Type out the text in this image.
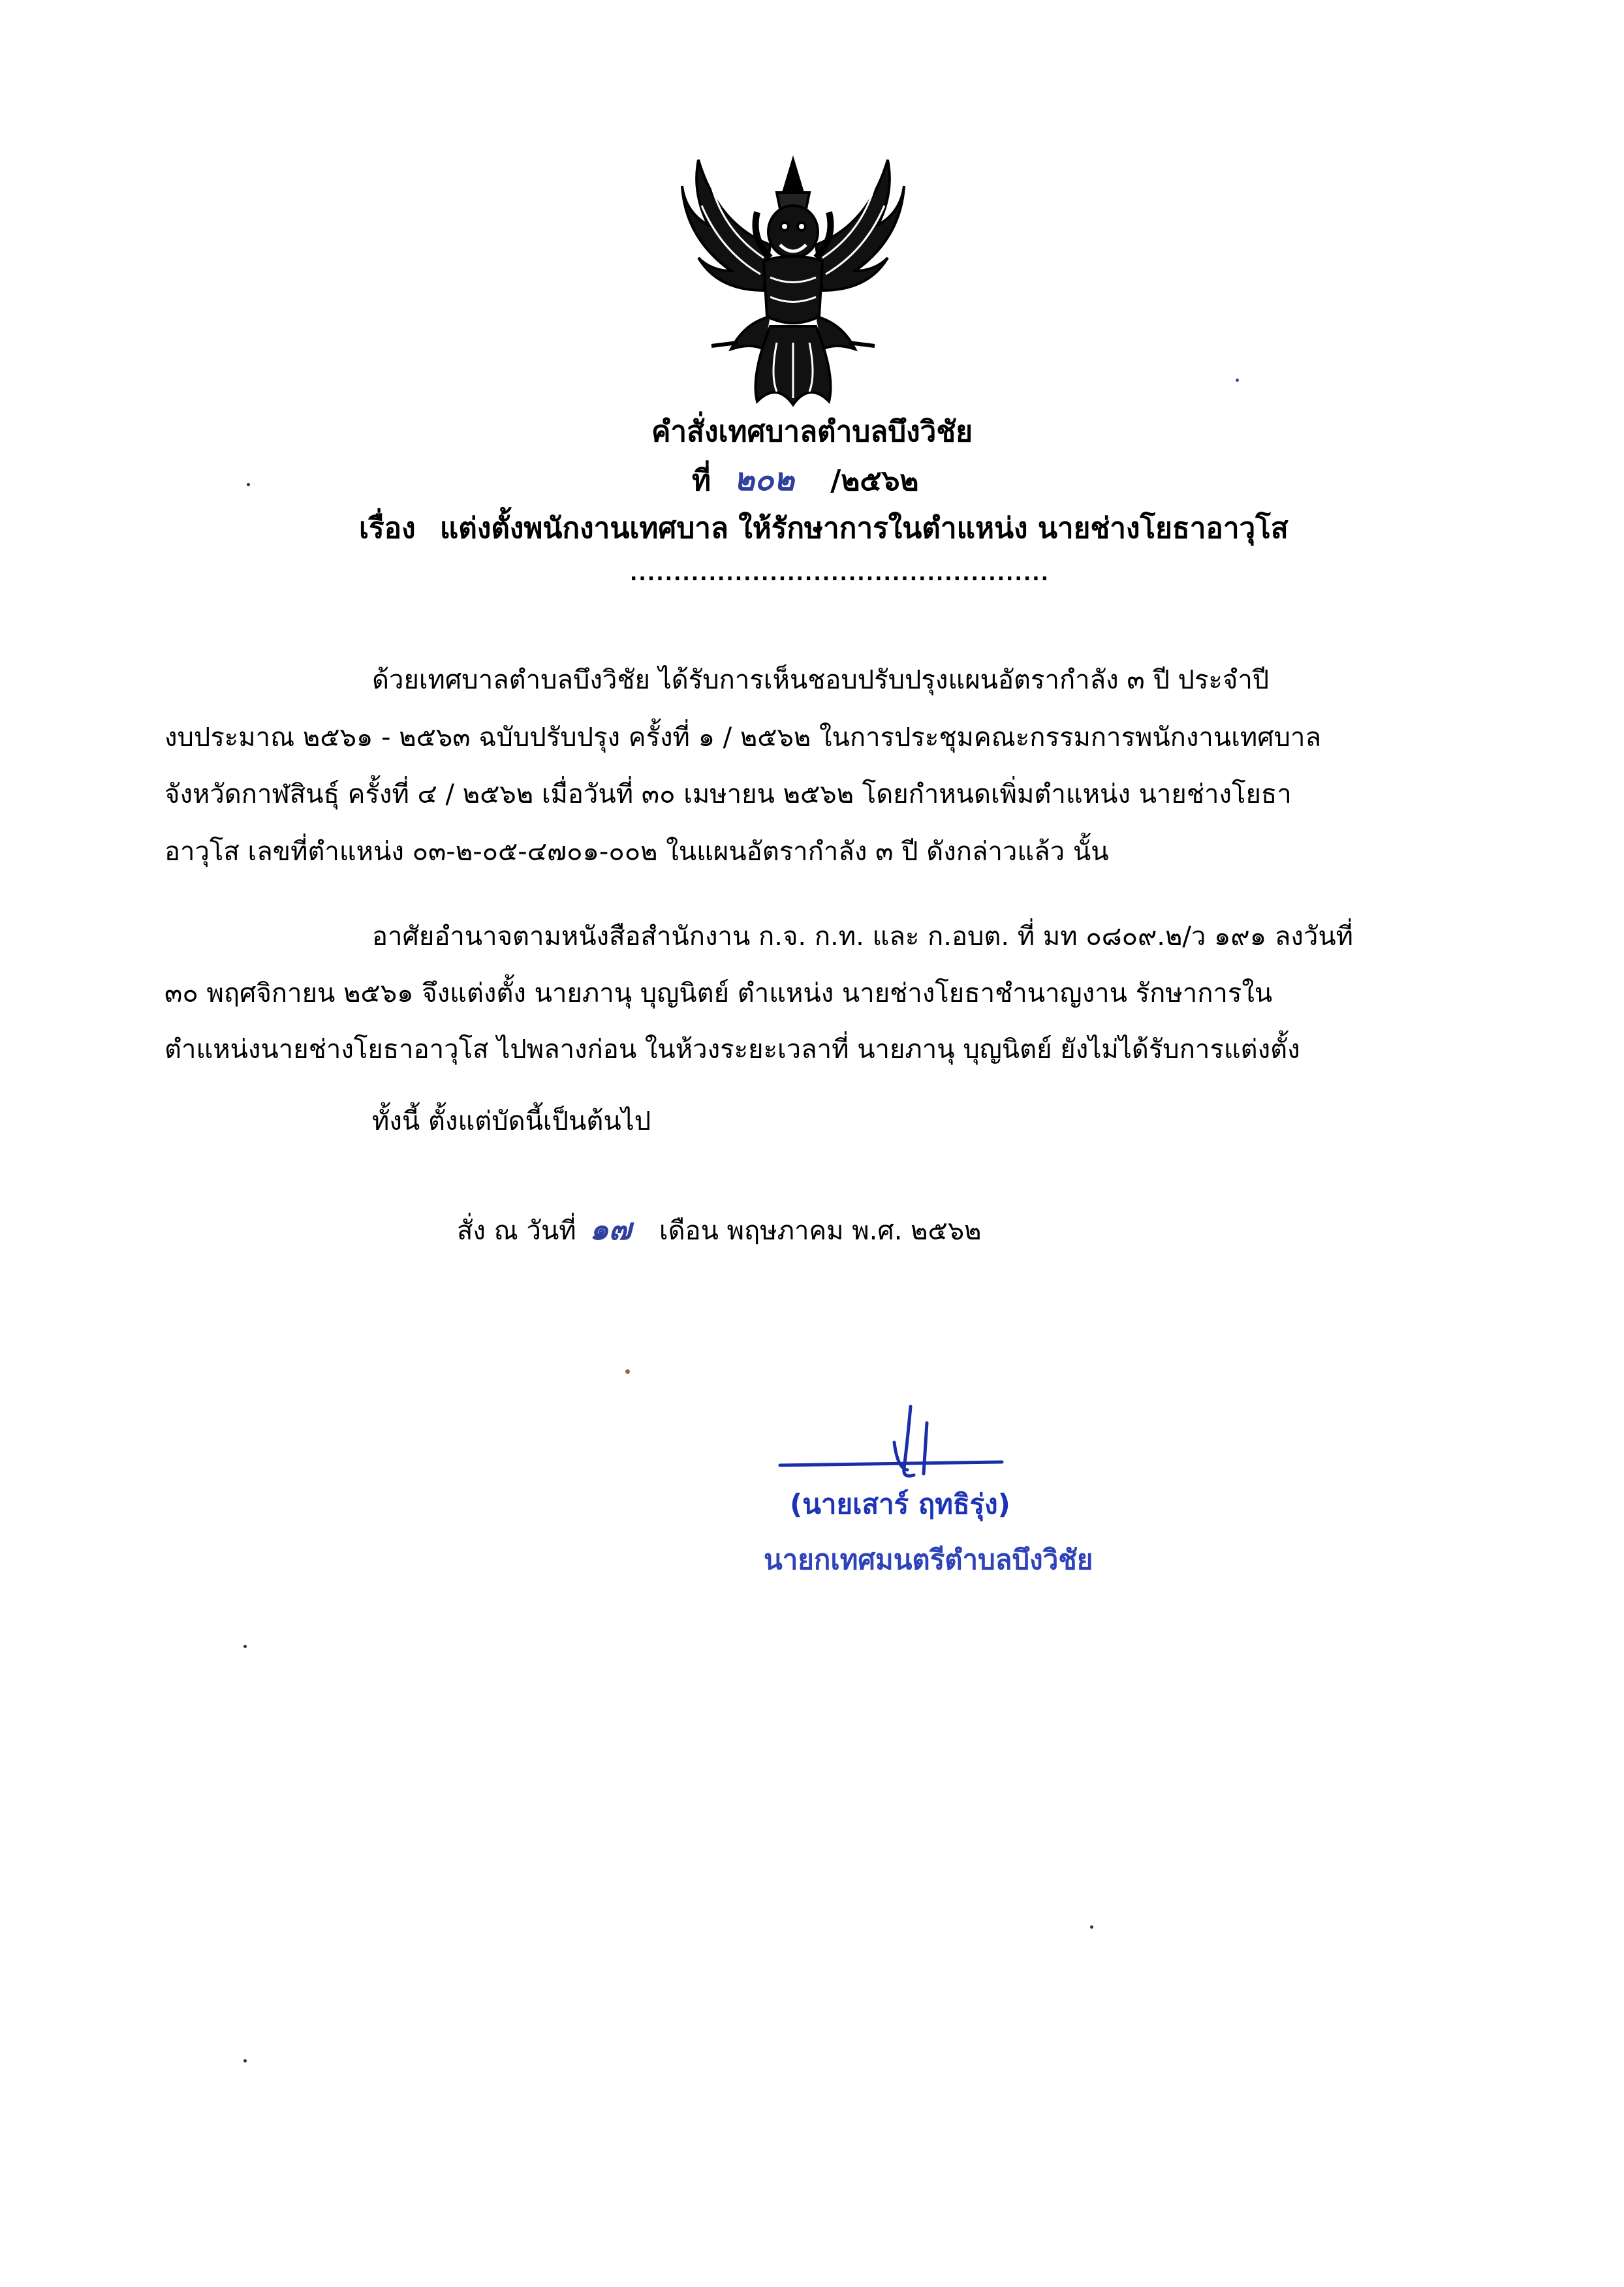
คำสั่งเทศบาลตำบลบึงวิชัย
ที่ ๒๐๒ /๒๕๖๒
เรื่อง แต่งตั้งพนักงานเทศบาล ให้รักษาการในตำแหน่ง นายช่างโยธาอาวุโส
................................................
ด้วยเทศบาลตำบลบึงวิชัย ได้รับการเห็นชอบปรับปรุงแผนอัตรากำลัง ๓ ปี ประจำปี
งบประมาณ ๒๕๖๑ - ๒๕๖๓ ฉบับปรับปรุง ครั้งที่ ๑ / ๒๕๖๒ ในการประชุมคณะกรรมการพนักงานเทศบาล
จังหวัดกาฬสินธุ์ ครั้งที่ ๔ / ๒๕๖๒ เมื่อวันที่ ๓๐ เมษายน ๒๕๖๒ โดยกำหนดเพิ่มตำแหน่ง นายช่างโยธา
อาวุโส เลขที่ตำแหน่ง ๐๓-๒-๐๕-๔๗๐๑-๐๐๒ ในแผนอัตรากำลัง ๓ ปี ดังกล่าวแล้ว นั้น
อาศัยอำนาจตามหนังสือสำนักงาน ก.จ. ก.ท. และ ก.อบต. ที่ มท ๐๘๐๙.๒/ว ๑๙๑ ลงวันที่
๓๐ พฤศจิกายน ๒๕๖๑ จึงแต่งตั้ง นายภานุ บุญนิตย์ ตำแหน่ง นายช่างโยธาชำนาญงาน รักษาการใน
ตำแหน่งนายช่างโยธาอาวุโส ไปพลางก่อน ในห้วงระยะเวลาที่ นายภานุ บุญนิตย์ ยังไม่ได้รับการแต่งตั้ง
ทั้งนี้ ตั้งแต่บัดนี้เป็นต้นไป
สั่ง ณ วันที่ ๑๗ เดือน พฤษภาคม พ.ศ. ๒๕๖๒
(นายเสาร์ ฤทธิรุ่ง)
นายกเทศมนตรีตำบลบึงวิชัย
